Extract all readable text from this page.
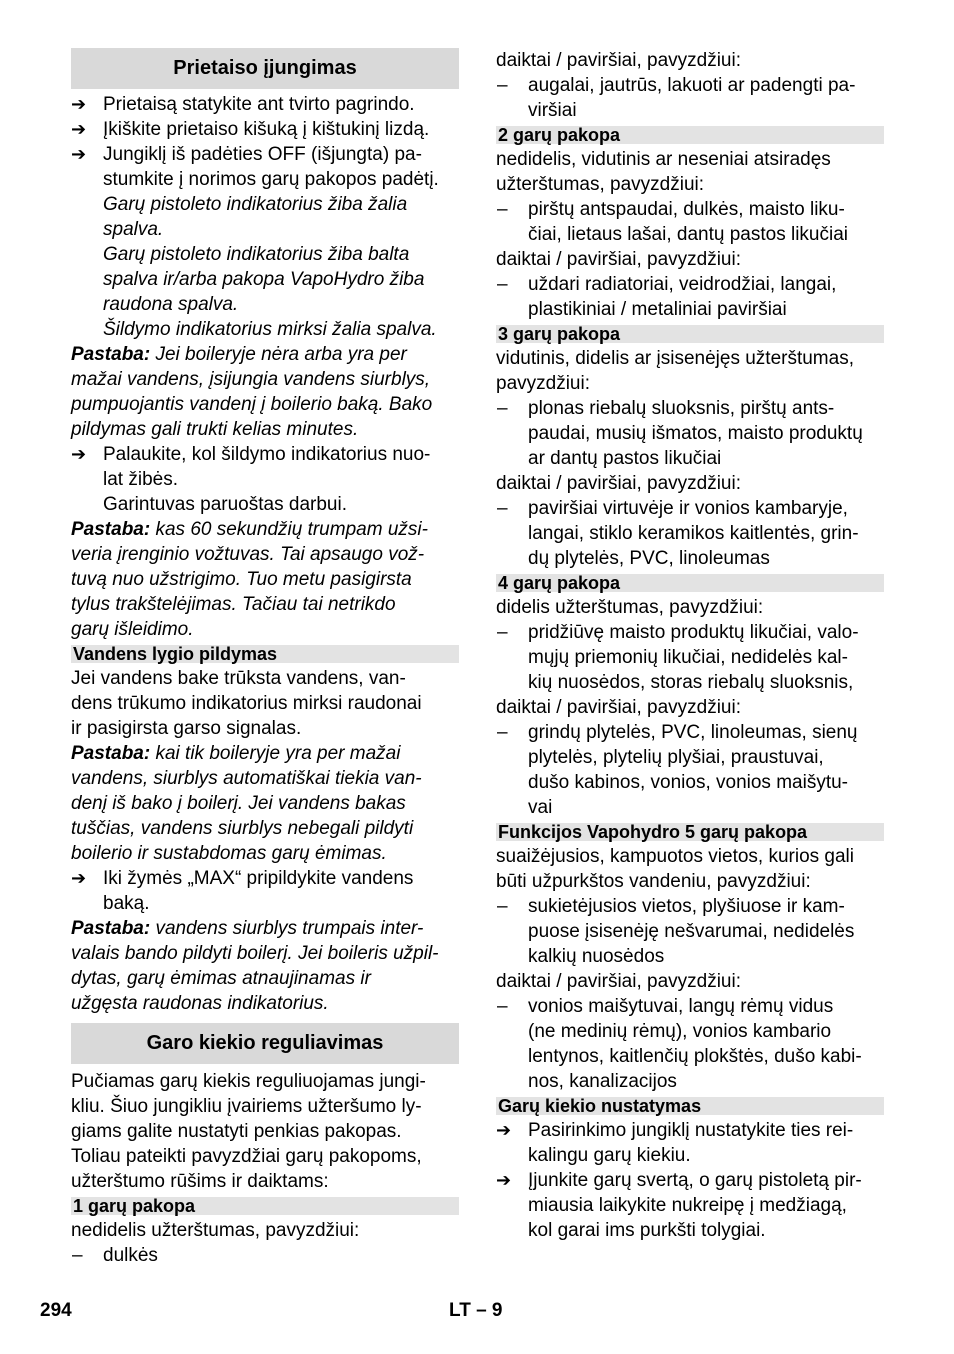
Prietaiso įjungimas
➔ Prietaisą statykite ant tvirto pagrindo.
➔ Įkiškite prietaiso kišuką į kištukinį lizdą.
➔ Jungiklį iš padėties OFF (išjungta) pa-
stumkite į norimos garų pakopos padėtį.
Garų pistoleto indikatorius žiba žalia
spalva.
Garų pistoleto indikatorius žiba balta
spalva ir/arba pakopa VapoHydro žiba
raudona spalva.
Šildymo indikatorius mirksi žalia spalva.
Pastaba: Jei boileryje nėra arba yra per
mažai vandens, įsijungia vandens siurblys,
pumpuojantis vandenį į boilerio baką. Bako
pildymas gali trukti kelias minutes.
➔ Palaukite, kol šildymo indikatorius nuo-
lat žibės.
Garintuvas paruoštas darbui.
Pastaba: kas 60 sekundžių trumpam užsi-
veria įrenginio vožtuvas. Tai apsaugo vož-
tuvą nuo užstrigimo. Tuo metu pasigirsta
tylus trakštelėjimas. Tačiau tai netrikdo
garų išleidimo.
Vandens lygio pildymas
Jei vandens bake trūksta vandens, van-
dens trūkumo indikatorius mirksi raudonai
ir pasigirsta garso signalas.
Pastaba: kai tik boileryje yra per mažai
vandens, siurblys automatiškai tiekia van-
denį iš bako į boilerį. Jei vandens bakas
tuščias, vandens siurblys nebegali pildyti
boilerio ir sustabdomas garų ėmimas.
➔ Iki žymės „MAX“ pripildykite vandens
baką.
Pastaba: vandens siurblys trumpais inter-
valais bando pildyti boilerį. Jei boileris užpil-
dytas, garų ėmimas atnaujinamas ir
užgęsta raudonas indikatorius.
Garo kiekio reguliavimas
Pučiamas garų kiekis reguliuojamas jungi-
kliu. Šiuo jungikliu įvairiems užteršumo ly-
giams galite nustatyti penkias pakopas.
Toliau pateikti pavyzdžiai garų pakopoms,
užterštumo rūšims ir daiktams:
1 garų pakopa
nedidelis užterštumas, pavyzdžiui:
– dulkės
daiktai / paviršiai, pavyzdžiui:
– augalai, jautrūs, lakuoti ar padengti pa-
viršiai
2 garų pakopa
nedidelis, vidutinis ar neseniai atsiradęs
užterštumas, pavyzdžiui:
– pirštų antspaudai, dulkės, maisto liku-
čiai, lietaus lašai, dantų pastos likučiai
daiktai / paviršiai, pavyzdžiui:
– uždari radiatoriai, veidrodžiai, langai,
plastikiniai / metaliniai paviršiai
3 garų pakopa
vidutinis, didelis ar įsisenėjęs užterštumas,
pavyzdžiui:
– plonas riebalų sluoksnis, pirštų ants-
paudai, musių išmatos, maisto produktų
ar dantų pastos likučiai
daiktai / paviršiai, pavyzdžiui:
– paviršiai virtuvėje ir vonios kambaryje,
langai, stiklo keramikos kaitlentės, grin-
dų plytelės, PVC, linoleumas
4 garų pakopa
didelis užterštumas, pavyzdžiui:
– pridžiūvę maisto produktų likučiai, valo-
mųjų priemonių likučiai, nedidelės kal-
kių nuosėdos, storas riebalų sluoksnis,
daiktai / paviršiai, pavyzdžiui:
– grindų plytelės, PVC, linoleumas, sienų
plytelės, plytelių plyšiai, praustuvai,
dušo kabinos, vonios, vonios maišytu-
vai
Funkcijos Vapohydro 5 garų pakopa
suaižėjusios, kampuotos vietos, kurios gali
būti užpurkštos vandeniu, pavyzdžiui:
– sukietėjusios vietos, plyšiuose ir kam-
puose įsisenėję nešvarumai, nedidelės
kalkių nuosėdos
daiktai / paviršiai, pavyzdžiui:
– vonios maišytuvai, langų rėmų vidus
(ne medinių rėmų), vonios kambario
lentynos, kaitlenčių plokštės, dušo kabi-
nos, kanalizacijos
Garų kiekio nustatymas
➔ Pasirinkimo jungiklį nustatykite ties rei-
kalingu garų kiekiu.
➔ Įjunkite garų svertą, o garų pistoletą pir-
miausia laikykite nukreipę į medžiagą,
kol garai ims purkšti tolygiai.
294	LT – 9
